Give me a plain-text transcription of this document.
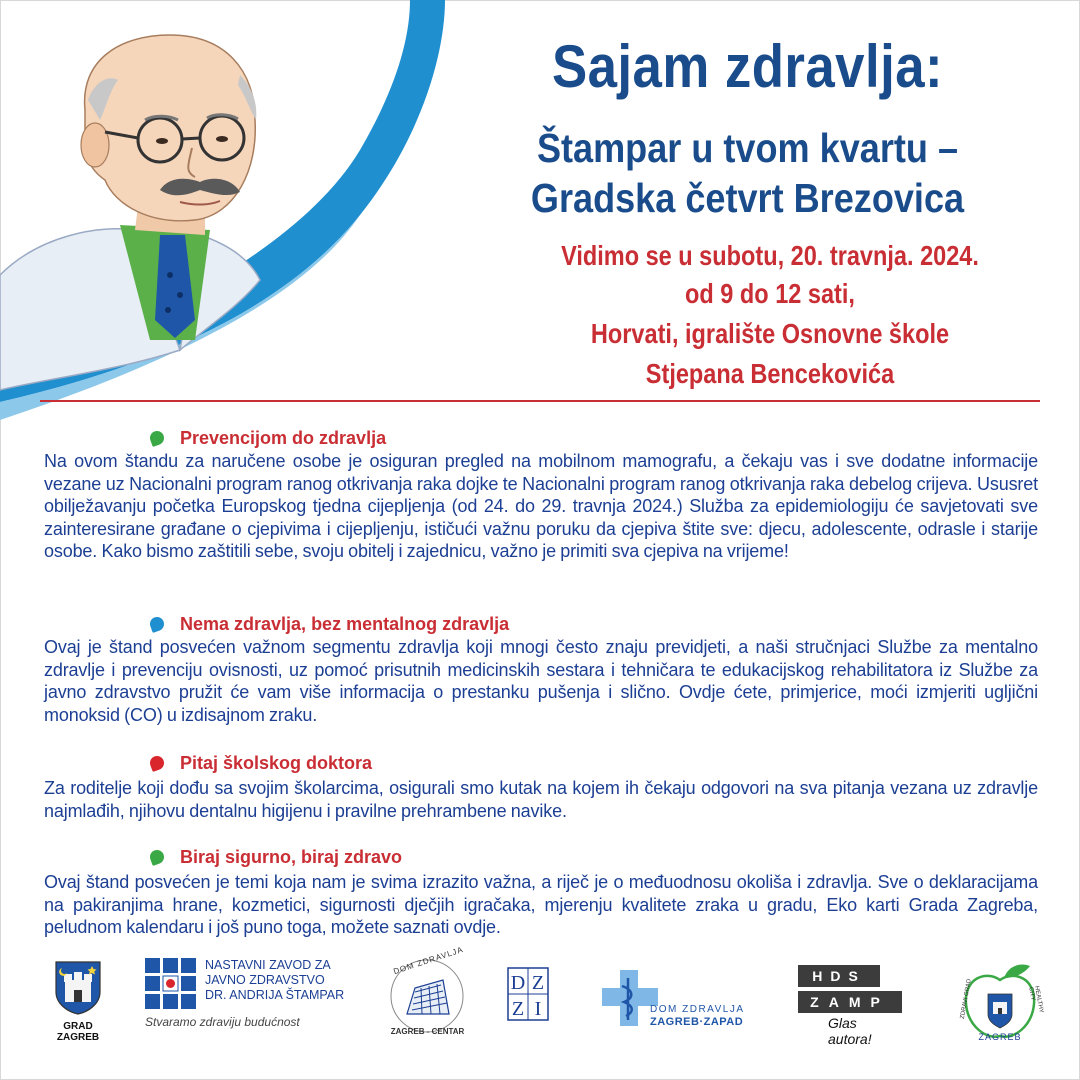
Sajam zdravlja:
Štampar u tvom kvartu –
Gradska četvrt Brezovica
Vidimo se u subotu, 20. travnja. 2024.
od 9 do 12 sati,
Horvati, igralište Osnovne škole
Stjepana Bencekovića
Prevencijom do zdravlja
Na ovom štandu za naručene osobe je osiguran pregled na mobilnom mamografu, a čekaju vas i sve dodatne informacije vezane uz Nacionalni program ranog otkrivanja raka dojke te Nacionalni program ranog otkrivanja raka debelog crijeva. Ususret obilježavanju početka Europskog tjedna cijepljenja (od 24. do 29. travnja 2024.) Služba za epidemiologiju će savjetovati sve zainteresirane građane o cjepivima i cijepljenju, ističući važnu poruku da cjepiva štite sve: djecu, adolescente, odrasle i starije osobe. Kako bismo zaštitili sebe, svoju obitelj i zajednicu, važno je primiti sva cjepiva na vrijeme!
Nema zdravlja, bez mentalnog zdravlja
Ovaj je štand posvećen važnom segmentu zdravlja koji mnogi često znaju previdjeti, a naši stručnjaci Službe za mentalno zdravlje i prevenciju ovisnosti, uz pomoć prisutnih medicinskih sestara i tehničara te edukacijskog rehabilitatora iz Službe za javno zdravstvo pružit će vam više informacija o prestanku pušenja i slično. Ovdje ćete, primjerice, moći izmjeriti ugljični monoksid (CO) u izdisajnom zraku.
Pitaj školskog doktora
Za roditelje koji dođu sa svojim školarcima, osigurali smo kutak na kojem ih čekaju odgovori na sva pitanja vezana uz zdravlje najmlađih, njihovu dentalnu higijenu i pravilne prehrambene navike.
Biraj sigurno, biraj zdravo
Ovaj štand posvećen je temi koja nam je svima izrazito važna, a riječ je o međuodnosu okoliša i zdravlja. Sve o deklaracijama na pakiranjima hrane, kozmetici, sigurnosti dječjih igračaka, mjerenju kvalitete zraka u gradu, Eko karti Grada Zagreba, peludnom kalendaru i još puno toga, možete saznati ovdje.
GRAD
ZAGREB
NASTAVNI ZAVOD ZA
JAVNO ZDRAVSTVO
DR. ANDRIJA ŠTAMPAR
Stvaramo zdraviju budućnost
DOM ZDRAVLJA
ZAGREB - CENTAR
D Z
Z I	DOM ZDRAVLJA
ZAGREB·ZAPAD
HDS
ZAMP
Glas autora!	ZAGREB
ZDRAVI GRAD	HEALTHY CITY
